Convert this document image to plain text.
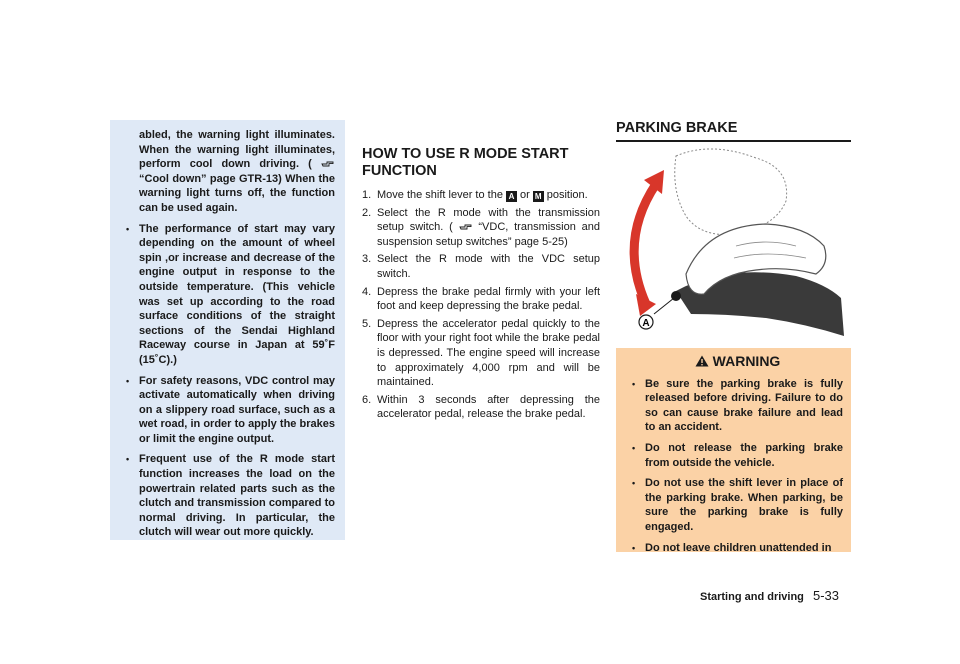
abled, the warning light illuminates. When the warning light illuminates, perform cool down driving. (  “Cool down” page GTR-13) When the warning light turns off, the function can be used again.

• The performance of start may vary depending on the amount of wheel spin ,or increase and decrease of the engine output in response to the outside temperature. (This vehicle was set up according to the road surface conditions of the straight sections of the Sendai Highland Raceway course in Japan at 59˚F (15˚C).)

• For safety reasons, VDC control may activate automatically when driving on a slippery road surface, such as a wet road, in order to apply the brakes or limit the engine output.

• Frequent use of the R mode start function increases the load on the powertrain related parts such as the clutch and transmission compared to normal driving. In particular, the clutch will wear out more quickly.

HOW TO USE R MODE START FUNCTION
1. Move the shift lever to the A or M position.
2. Select the R mode with the transmission setup switch. ( “VDC, transmission and suspension setup switches” page 5-25)
3. Select the R mode with the VDC setup switch.
4. Depress the brake pedal firmly with your left foot and keep depressing the brake pedal.
5. Depress the accelerator pedal quickly to the floor with your right foot while the brake pedal is depressed. The engine speed will increase to approximately 4,000 rpm and will be maintained.
6. Within 3 seconds after depressing the accelerator pedal, release the brake pedal.
PARKING BRAKE
A
WARNING

• Be sure the parking brake is fully released before driving. Failure to do so can cause brake failure and lead to an accident.

• Do not release the parking brake from outside the vehicle.

• Do not use the shift lever in place of the parking brake. When parking, be sure the parking brake is fully engaged.

• Do not leave children unattended in

Starting and driving 5-33
